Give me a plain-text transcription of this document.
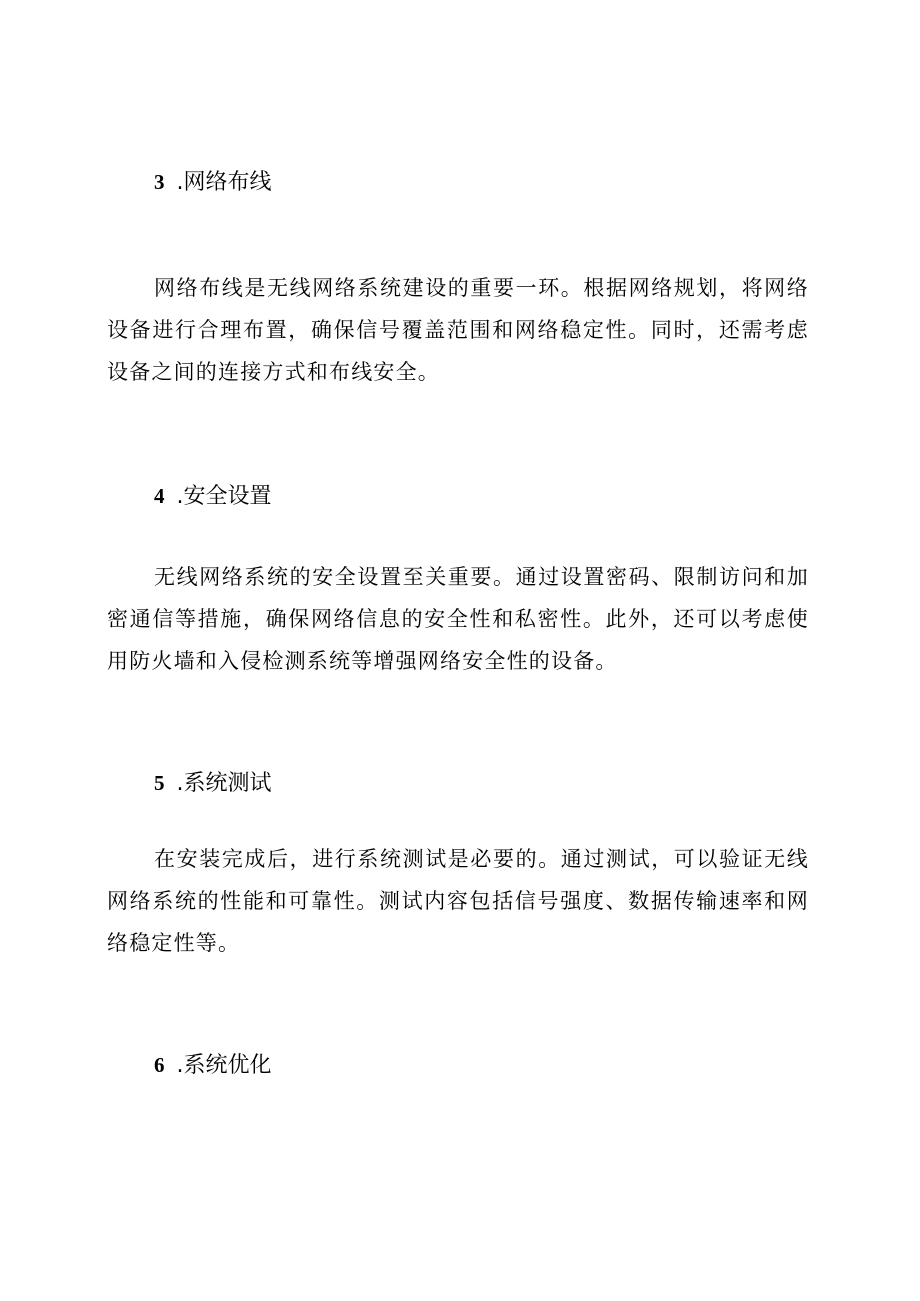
3 .网络布线

网络布线是无线网络系统建设的重要一环。根据网络规划，将网络设备进行合理布置，确保信号覆盖范围和网络稳定性。同时，还需考虑设备之间的连接方式和布线安全。

4 .安全设置

无线网络系统的安全设置至关重要。通过设置密码、限制访问和加密通信等措施，确保网络信息的安全性和私密性。此外，还可以考虑使用防火墙和入侵检测系统等增强网络安全性的设备。

5 .系统测试

在安装完成后，进行系统测试是必要的。通过测试，可以验证无线网络系统的性能和可靠性。测试内容包括信号强度、数据传输速率和网络稳定性等。

6 .系统优化
